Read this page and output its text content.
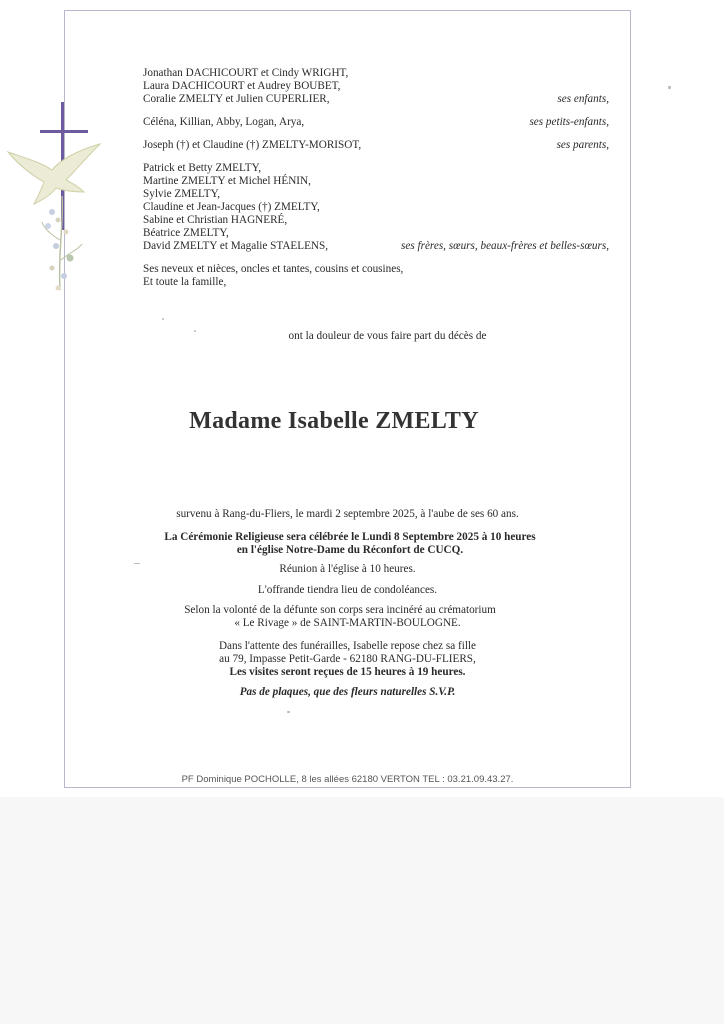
Jonathan DACHICOURT et Cindy WRIGHT,
Laura DACHICOURT et Audrey BOUBET,
Coralie ZMELTY et Julien CUPERLIER,	ses enfants,
Céléna, Killian, Abby, Logan, Arya,	ses petits-enfants,
Joseph (†) et Claudine (†) ZMELTY-MORISOT,	ses parents,
Patrick et Betty ZMELTY,
Martine ZMELTY et Michel HÉNIN,
Sylvie ZMELTY,
Claudine et Jean-Jacques (†) ZMELTY,
Sabine et Christian HAGNERÉ,
Béatrice ZMELTY,
David ZMELTY et Magalie STAELENS,	ses frères, sœurs, beaux-frères et belles-sœurs,
Ses neveux et nièces, oncles et tantes, cousins et cousines,
Et toute la famille,
ont la douleur de vous faire part du décès de
Madame Isabelle ZMELTY
survenu à Rang-du-Fliers, le mardi 2 septembre 2025, à l'aube de ses 60 ans.
La Cérémonie Religieuse sera célébrée le Lundi 8 Septembre 2025 à 10 heures
en l'église Notre-Dame du Réconfort de CUCQ.
Réunion à l'église à 10 heures.
L'offrande tiendra lieu de condoléances.
Selon la volonté de la défunte son corps sera incinéré au crématorium
« Le Rivage » de SAINT-MARTIN-BOULOGNE.
Dans l'attente des funérailles, Isabelle repose chez sa fille
au 79, Impasse Petit-Garde - 62180 RANG-DU-FLIERS,
Les visites seront reçues de 15 heures à 19 heures.
Pas de plaques, que des fleurs naturelles S.V.P.
PF Dominique POCHOLLE, 8 les allées 62180 VERTON TEL : 03.21.09.43.27.
